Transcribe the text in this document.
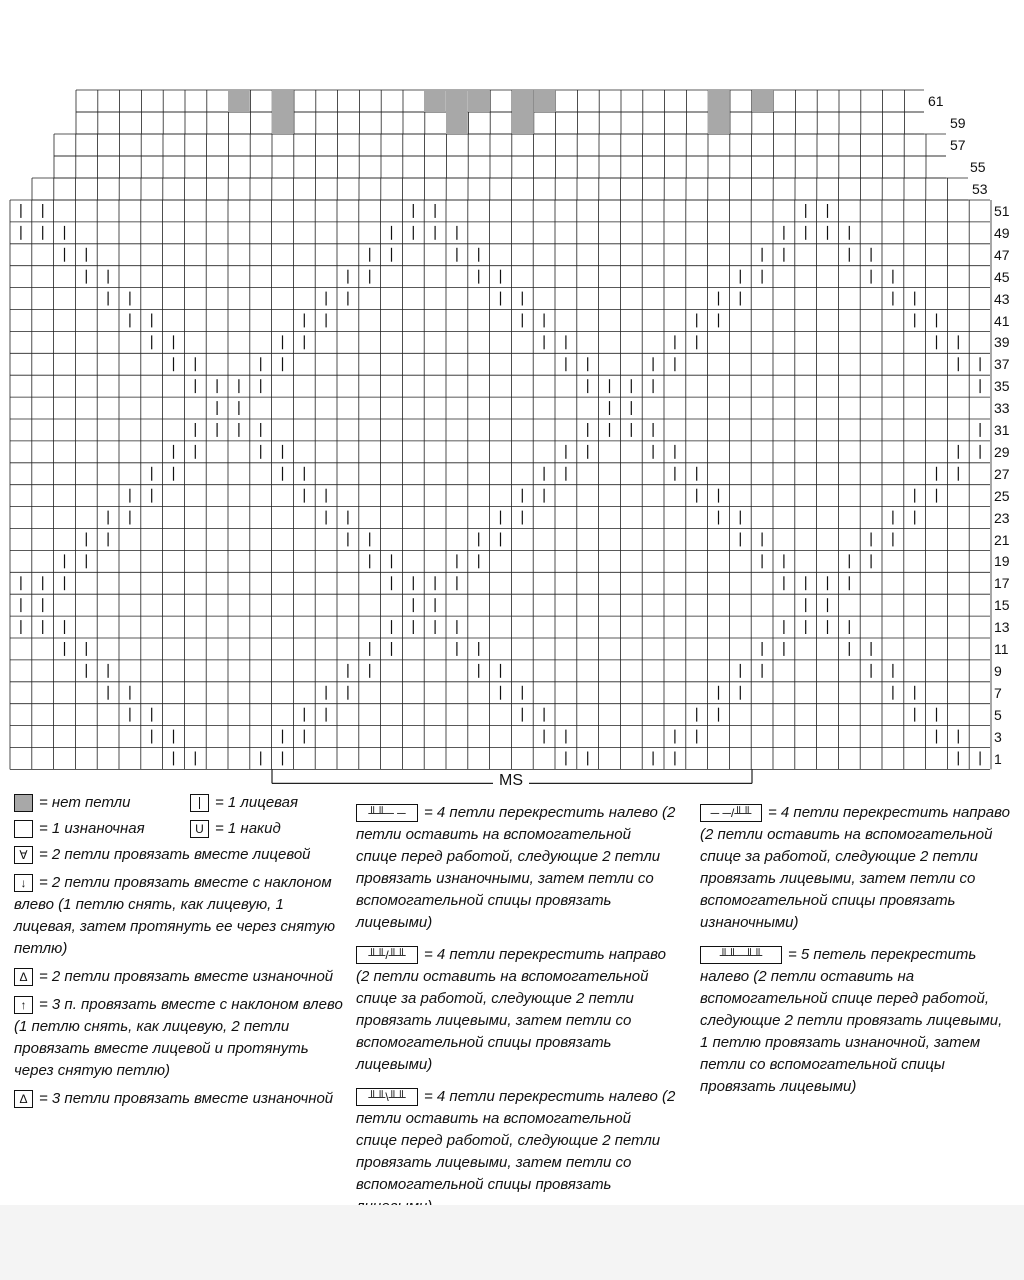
1
3
5
7
9
11
13
15
17
19
21
23
25
27
29
31
33
35
37
39
41
43
45
47
49
51
53
55
57
59
61
MS
= нет петли	= 1 лицевая
= 1 изнаночная	U = 1 накид
∀ = 2 петли провязать вместе лицевой
↓ = 2 петли провязать вместе с наклоном влево (1 петлю снять, как лицевую, 1 лицевая, затем протянуть ее через снятую петлю)
Δ = 2 петли провязать вместе изнаночной
↑ = 3 п. провязать вместе с наклоном влево (1 петлю снять, как лицевую, 2 петли провязать вместе лицевой и протянуть через снятую петлю)
Δ = 3 петли провязать вместе изнаночной
╨╨─ ─ = 4 петли перекрестить налево (2 петли оставить на вспомогательной спице перед работой, следующие 2 петли провязать изнаночными, затем петли со вспомогательной спицы провязать лицевыми)
╨╨/╨╨ = 4 петли перекрестить направо (2 петли оставить на вспомогательной спице за работой, следующие 2 петли провязать лицевыми, затем петли со вспомогательной спицы провязать лицевыми)
╨╨\╨╨ = 4 петли перекрестить налево (2 петли оставить на вспомогательной спице перед работой, следующие 2 петли провязать лицевыми, затем петли со вспомогательной спицы провязать
─ ─/╨╨ = 4 петли перекрестить направо (2 петли оставить на вспомогательной спице за работой, следующие 2 петли провязать лицевыми, затем петли со вспомогательной спицы провязать изнаночными)
╨╨─╨╨ = 5 петель перекрестить налево (2 петли оставить на вспомогательной спице перед работой, следующие 2 петли провязать лицевыми, 1 петлю провязать изнаночной, затем петли со вспомогательной спицы провязать лицевыми)
